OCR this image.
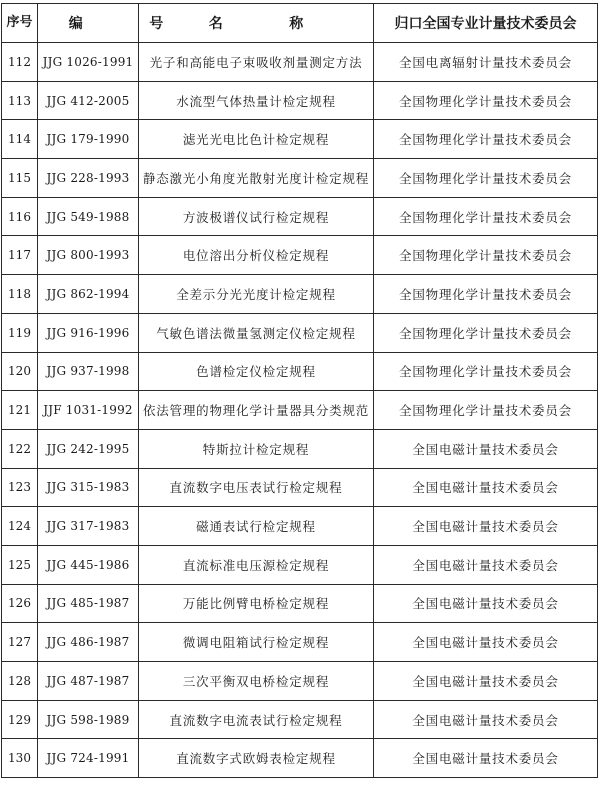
序号	编 号	名 称	归口全国专业计量技术委员会
112	JJG 1026-1991	光子和高能电子束吸收剂量测定方法	全国电离辐射计量技术委员会
113	JJG 412-2005	水流型气体热量计检定规程	全国物理化学计量技术委员会
114	JJG 179-1990	滤光光电比色计检定规程	全国物理化学计量技术委员会
115	JJG 228-1993	静态激光小角度光散射光度计检定规程	全国物理化学计量技术委员会
116	JJG 549-1988	方波极谱仪试行检定规程	全国物理化学计量技术委员会
117	JJG 800-1993	电位溶出分析仪检定规程	全国物理化学计量技术委员会
118	JJG 862-1994	全差示分光光度计检定规程	全国物理化学计量技术委员会
119	JJG 916-1996	气敏色谱法微量氢测定仪检定规程	全国物理化学计量技术委员会
120	JJG 937-1998	色谱检定仪检定规程	全国物理化学计量技术委员会
121	JJF 1031-1992	依法管理的物理化学计量器具分类规范	全国物理化学计量技术委员会
122	JJG 242-1995	特斯拉计检定规程	全国电磁计量技术委员会
123	JJG 315-1983	直流数字电压表试行检定规程	全国电磁计量技术委员会
124	JJG 317-1983	磁通表试行检定规程	全国电磁计量技术委员会
125	JJG 445-1986	直流标准电压源检定规程	全国电磁计量技术委员会
126	JJG 485-1987	万能比例臂电桥检定规程	全国电磁计量技术委员会
127	JJG 486-1987	微调电阻箱试行检定规程	全国电磁计量技术委员会
128	JJG 487-1987	三次平衡双电桥检定规程	全国电磁计量技术委员会
129	JJG 598-1989	直流数字电流表试行检定规程	全国电磁计量技术委员会
130	JJG 724-1991	直流数字式欧姆表检定规程	全国电磁计量技术委员会
